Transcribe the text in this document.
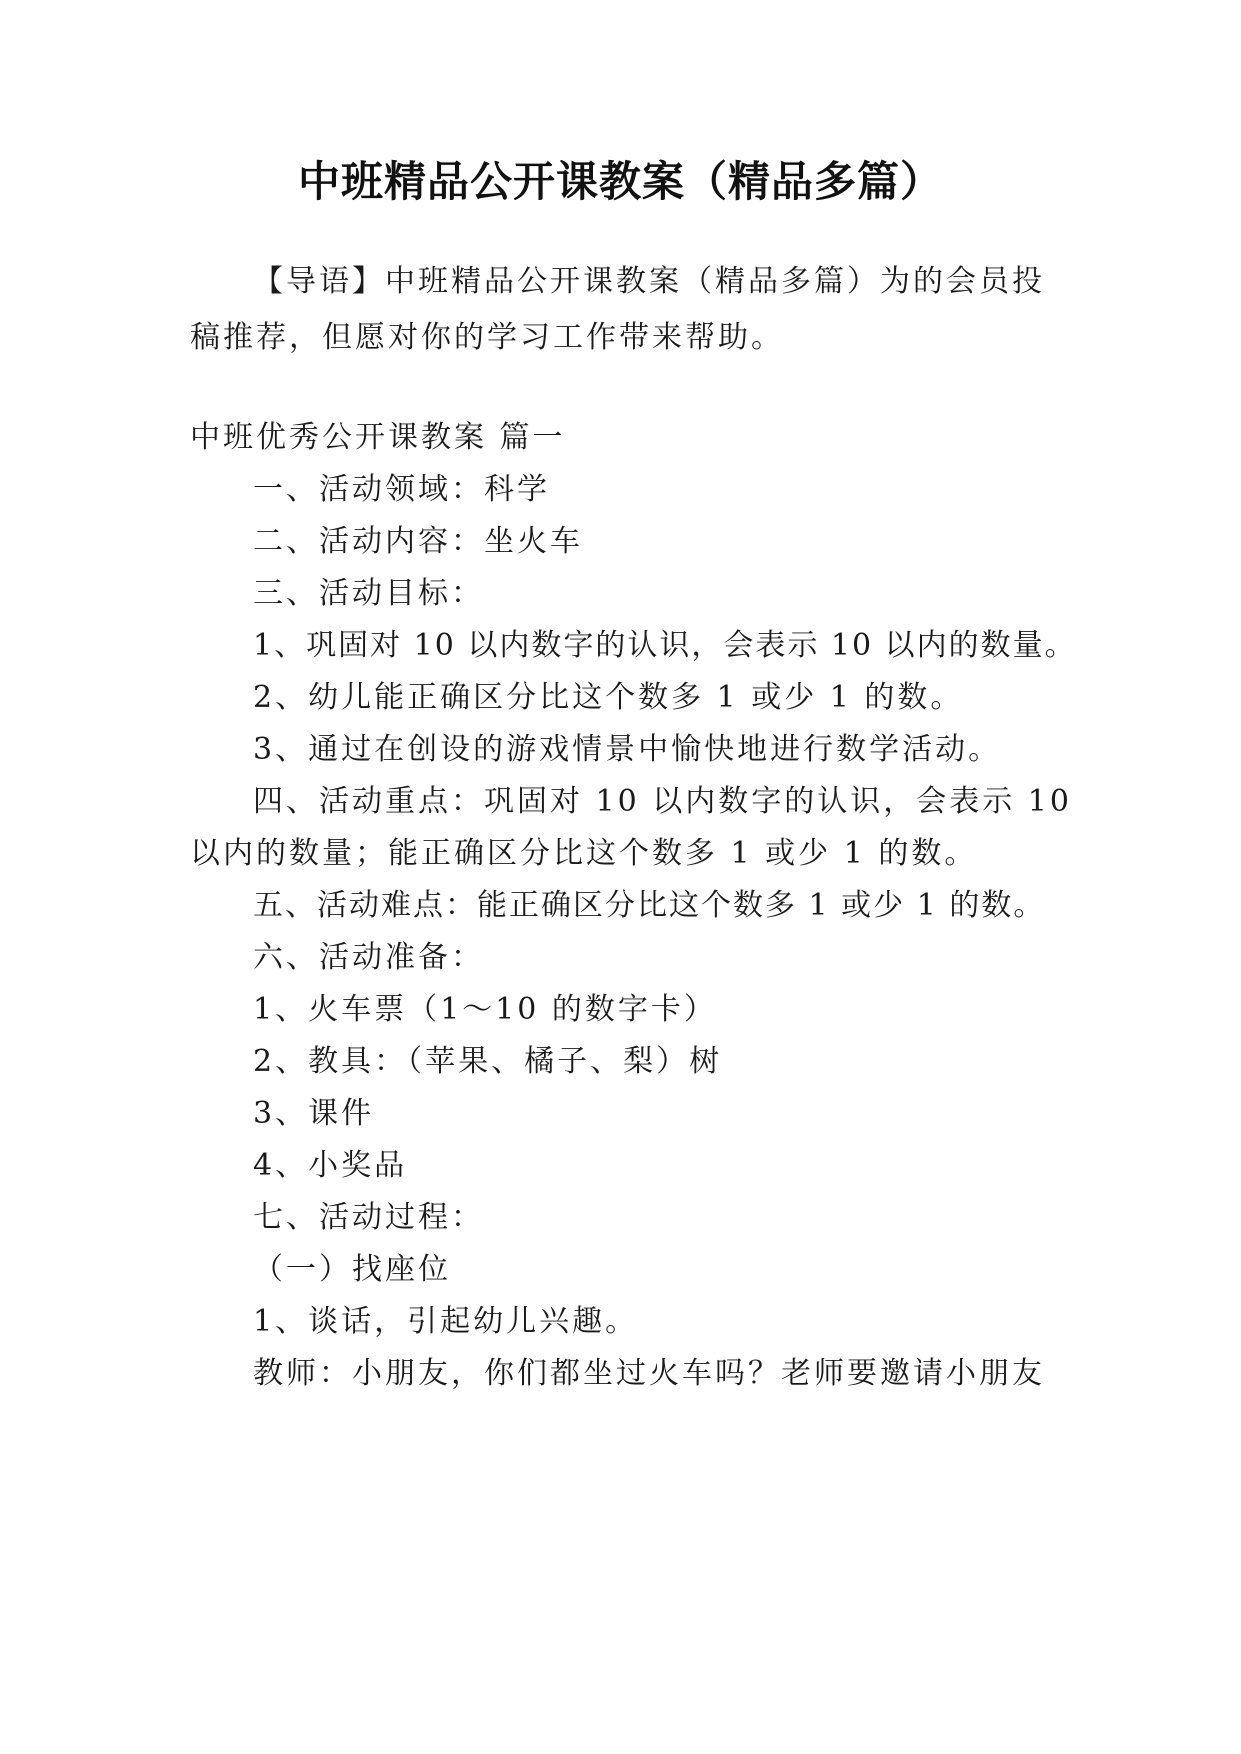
中班精品公开课教案（精品多篇）
【导语】中班精品公开课教案（精品多篇）为的会员投
稿推荐，但愿对你的学习工作带来帮助。
中班优秀公开课教案 篇一
一、活动领域：科学
二、活动内容：坐火车
三、活动目标：
1、巩固对 10 以内数字的认识，会表示 10 以内的数量。
2、幼儿能正确区分比这个数多 1 或少 1 的数。
3、通过在创设的游戏情景中愉快地进行数学活动。
四、活动重点：巩固对 10 以内数字的认识，会表示 10
以内的数量；能正确区分比这个数多 1 或少 1 的数。
五、活动难点：能正确区分比这个数多 1 或少 1 的数。
六、活动准备：
1、火车票（1～10 的数字卡）
2、教具：（苹果、橘子、梨）树
3、课件
4、小奖品
七、活动过程：
（一）找座位
1、谈话，引起幼儿兴趣。
教师：小朋友，你们都坐过火车吗？老师要邀请小朋友
